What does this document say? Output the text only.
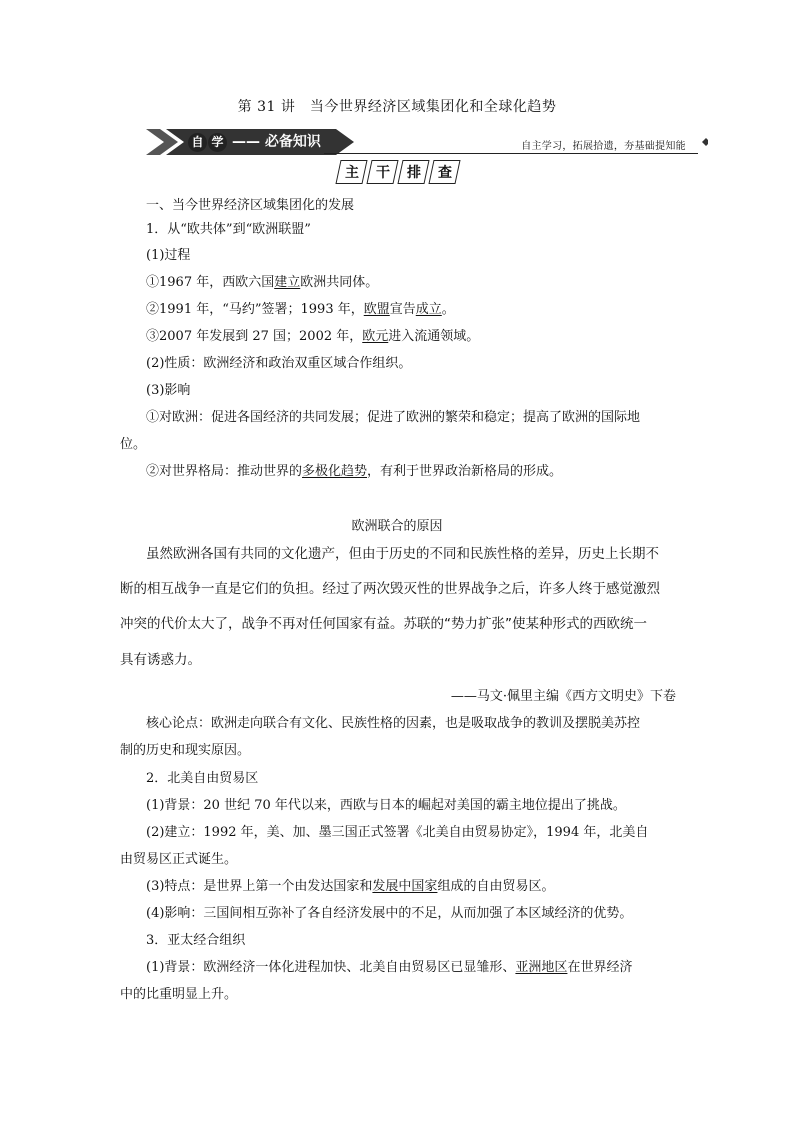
第 31 讲　当今世界经济区域集团化和全球化趋势
自 学 —— 必备知识	自主学习，拓展拾遗，夯基础提知能
主 干 排 查
一、当今世界经济区域集团化的发展
1．从“欧共体”到“欧洲联盟”
(1)过程
①1967 年，西欧六国建立欧洲共同体。
②1991 年，“马约”签署；1993 年，欧盟宣告成立。
③2007 年发展到 27 国；2002 年，欧元进入流通领域。
(2)性质：欧洲经济和政治双重区域合作组织。
(3)影响
①对欧洲：促进各国经济的共同发展；促进了欧洲的繁荣和稳定；提高了欧洲的国际地
位。
②对世界格局：推动世界的多极化趋势，有利于世界政治新格局的形成。
欧洲联合的原因
虽然欧洲各国有共同的文化遗产，但由于历史的不同和民族性格的差异，历史上长期不
断的相互战争一直是它们的负担。经过了两次毁灭性的世界战争之后，许多人终于感觉激烈
冲突的代价太大了，战争不再对任何国家有益。苏联的“势力扩张”使某种形式的西欧统一
具有诱惑力。
——马文·佩里主编《西方文明史》下卷
核心论点：欧洲走向联合有文化、民族性格的因素，也是吸取战争的教训及摆脱美苏控
制的历史和现实原因。
2．北美自由贸易区
(1)背景：20 世纪 70 年代以来，西欧与日本的崛起对美国的霸主地位提出了挑战。
(2)建立：1992 年，美、加、墨三国正式签署《北美自由贸易协定》，1994 年，北美自
由贸易区正式诞生。
(3)特点：是世界上第一个由发达国家和发展中国家组成的自由贸易区。
(4)影响：三国间相互弥补了各自经济发展中的不足，从而加强了本区域经济的优势。
3．亚太经合组织
(1)背景：欧洲经济一体化进程加快、北美自由贸易区已显雏形、亚洲地区在世界经济
中的比重明显上升。
